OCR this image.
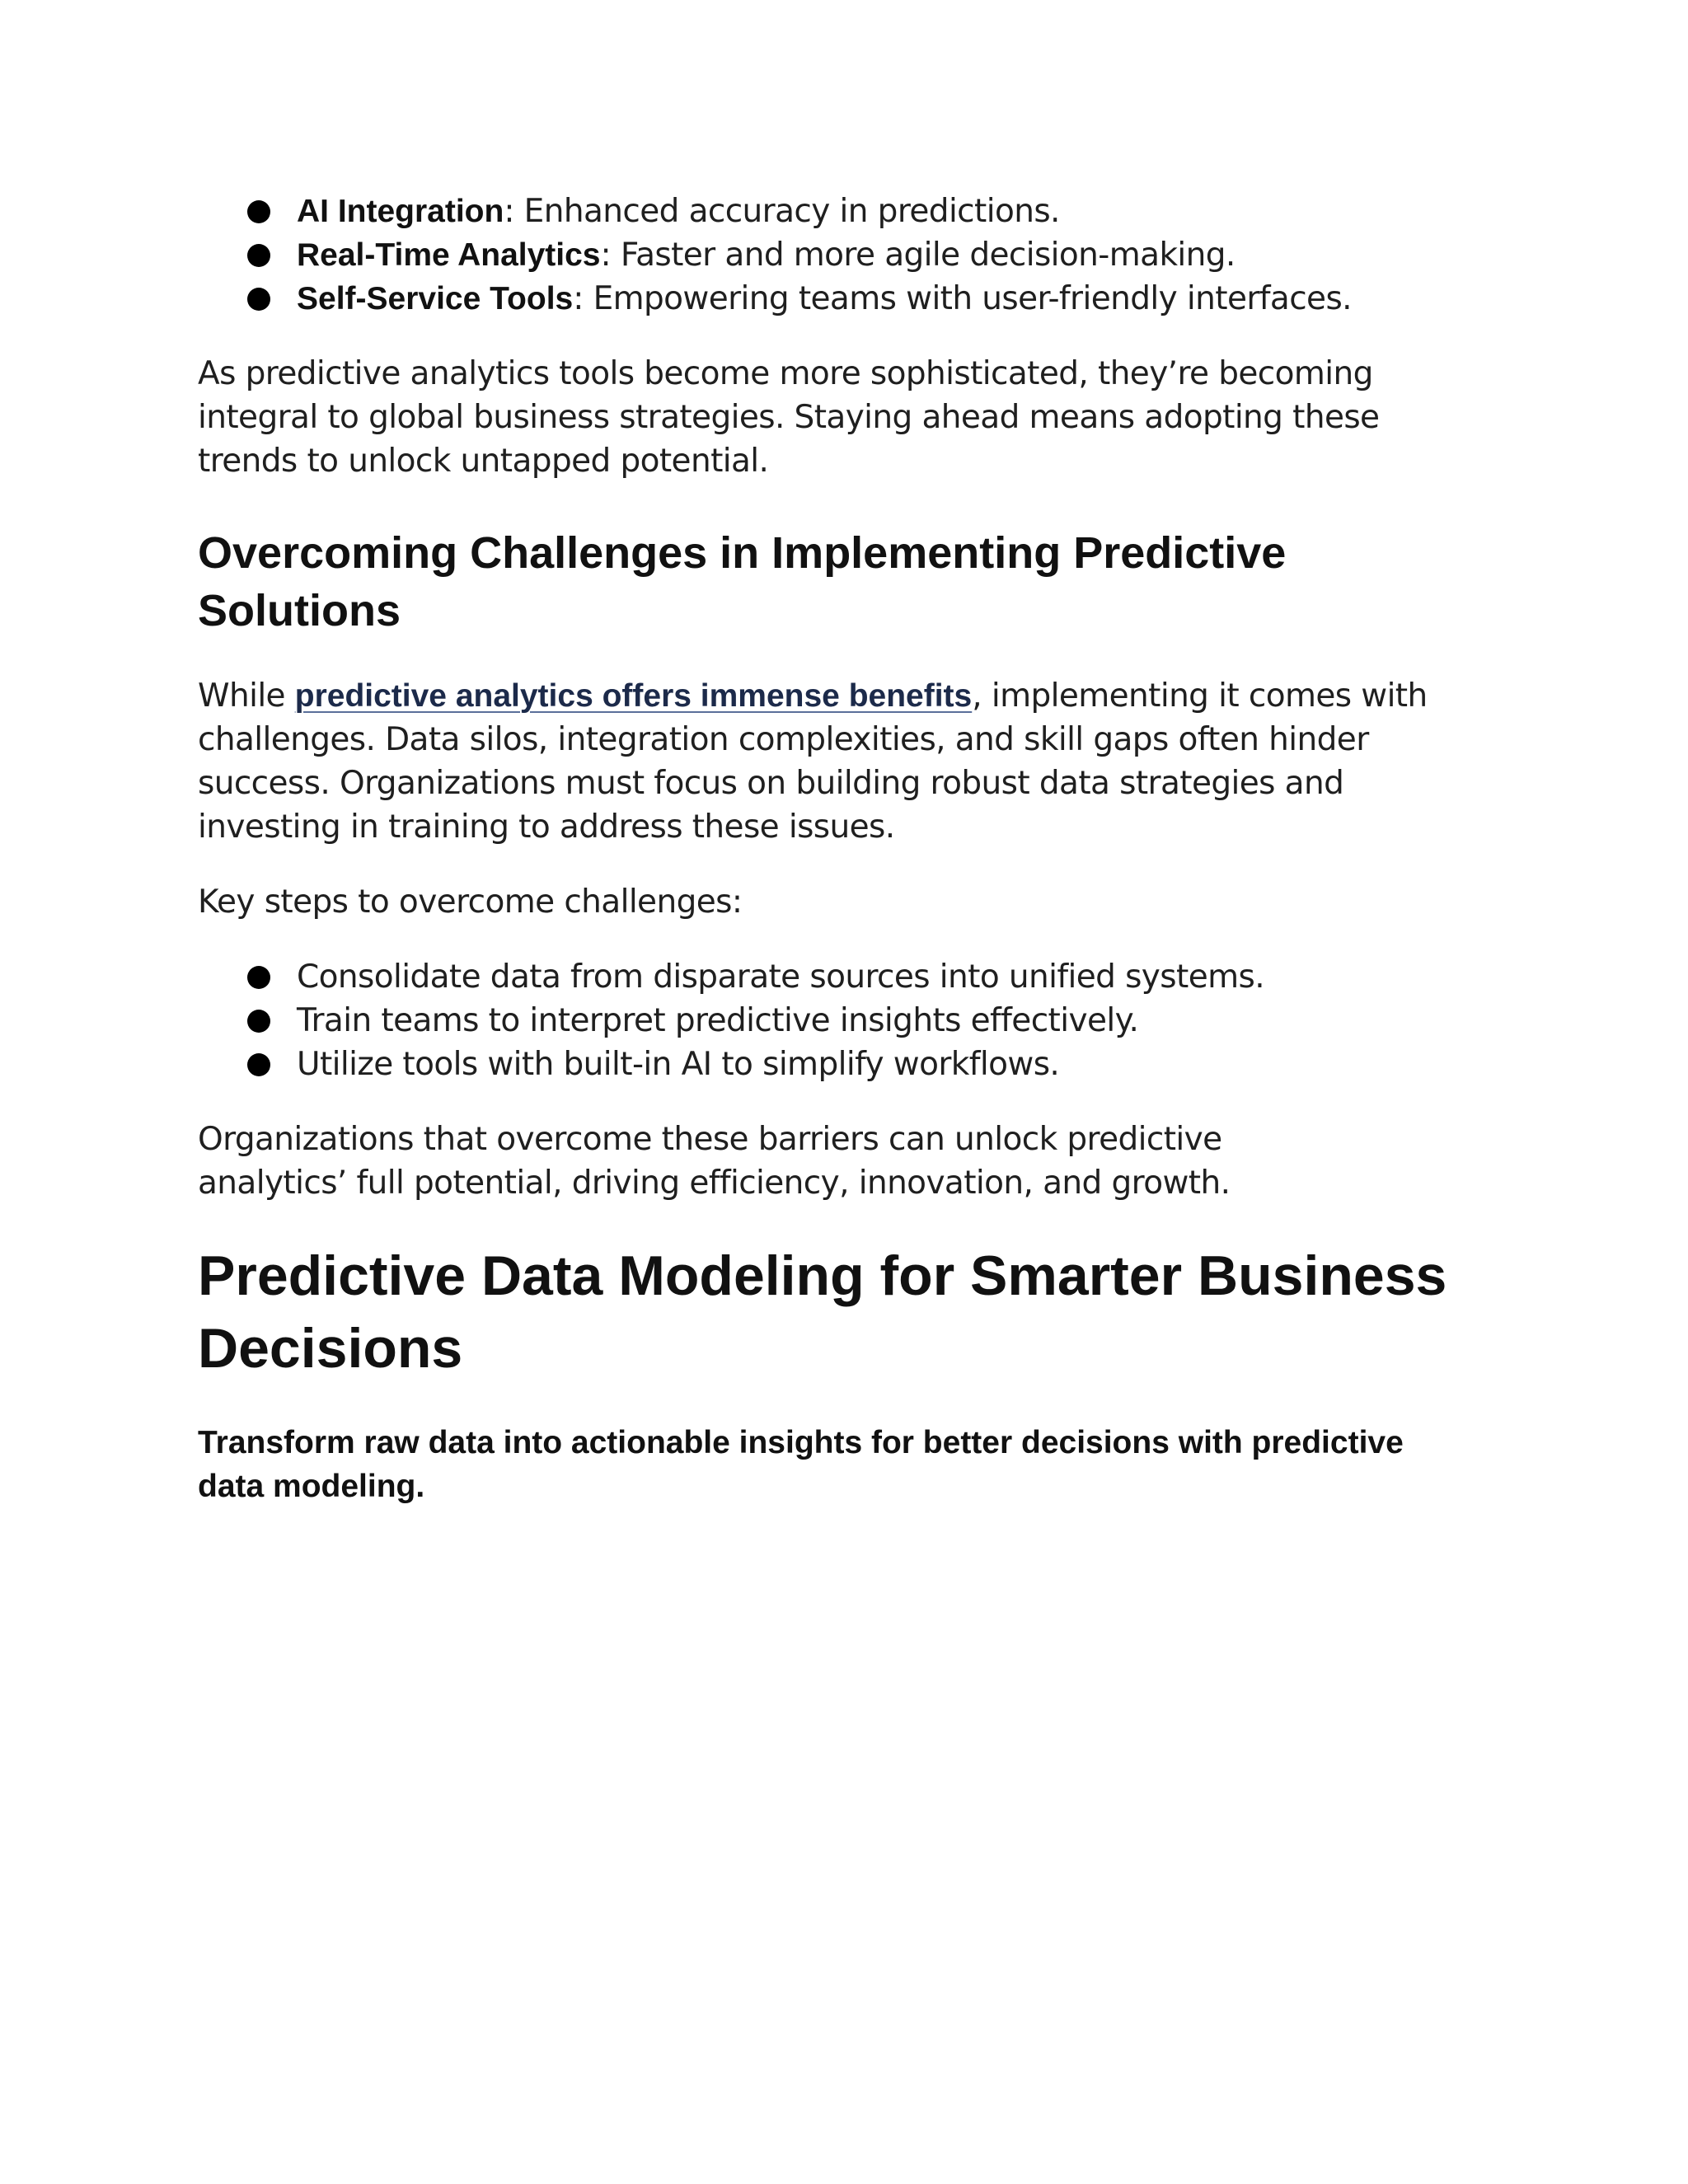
AI Integration: Enhanced accuracy in predictions.
Real-Time Analytics: Faster and more agile decision-making.
Self-Service Tools: Empowering teams with user-friendly interfaces.

As predictive analytics tools become more sophisticated, they’re becoming integral to global business strategies. Staying ahead means adopting these trends to unlock untapped potential.

Overcoming Challenges in Implementing Predictive Solutions

While predictive analytics offers immense benefits, implementing it comes with challenges. Data silos, integration complexities, and skill gaps often hinder success. Organizations must focus on building robust data strategies and investing in training to address these issues.

Key steps to overcome challenges:

Consolidate data from disparate sources into unified systems.
Train teams to interpret predictive insights effectively.
Utilize tools with built-in AI to simplify workflows.

Organizations that overcome these barriers can unlock predictive analytics’ full potential, driving efficiency, innovation, and growth.

Predictive Data Modeling for Smarter Business Decisions

Transform raw data into actionable insights for better decisions with predictive data modeling.
